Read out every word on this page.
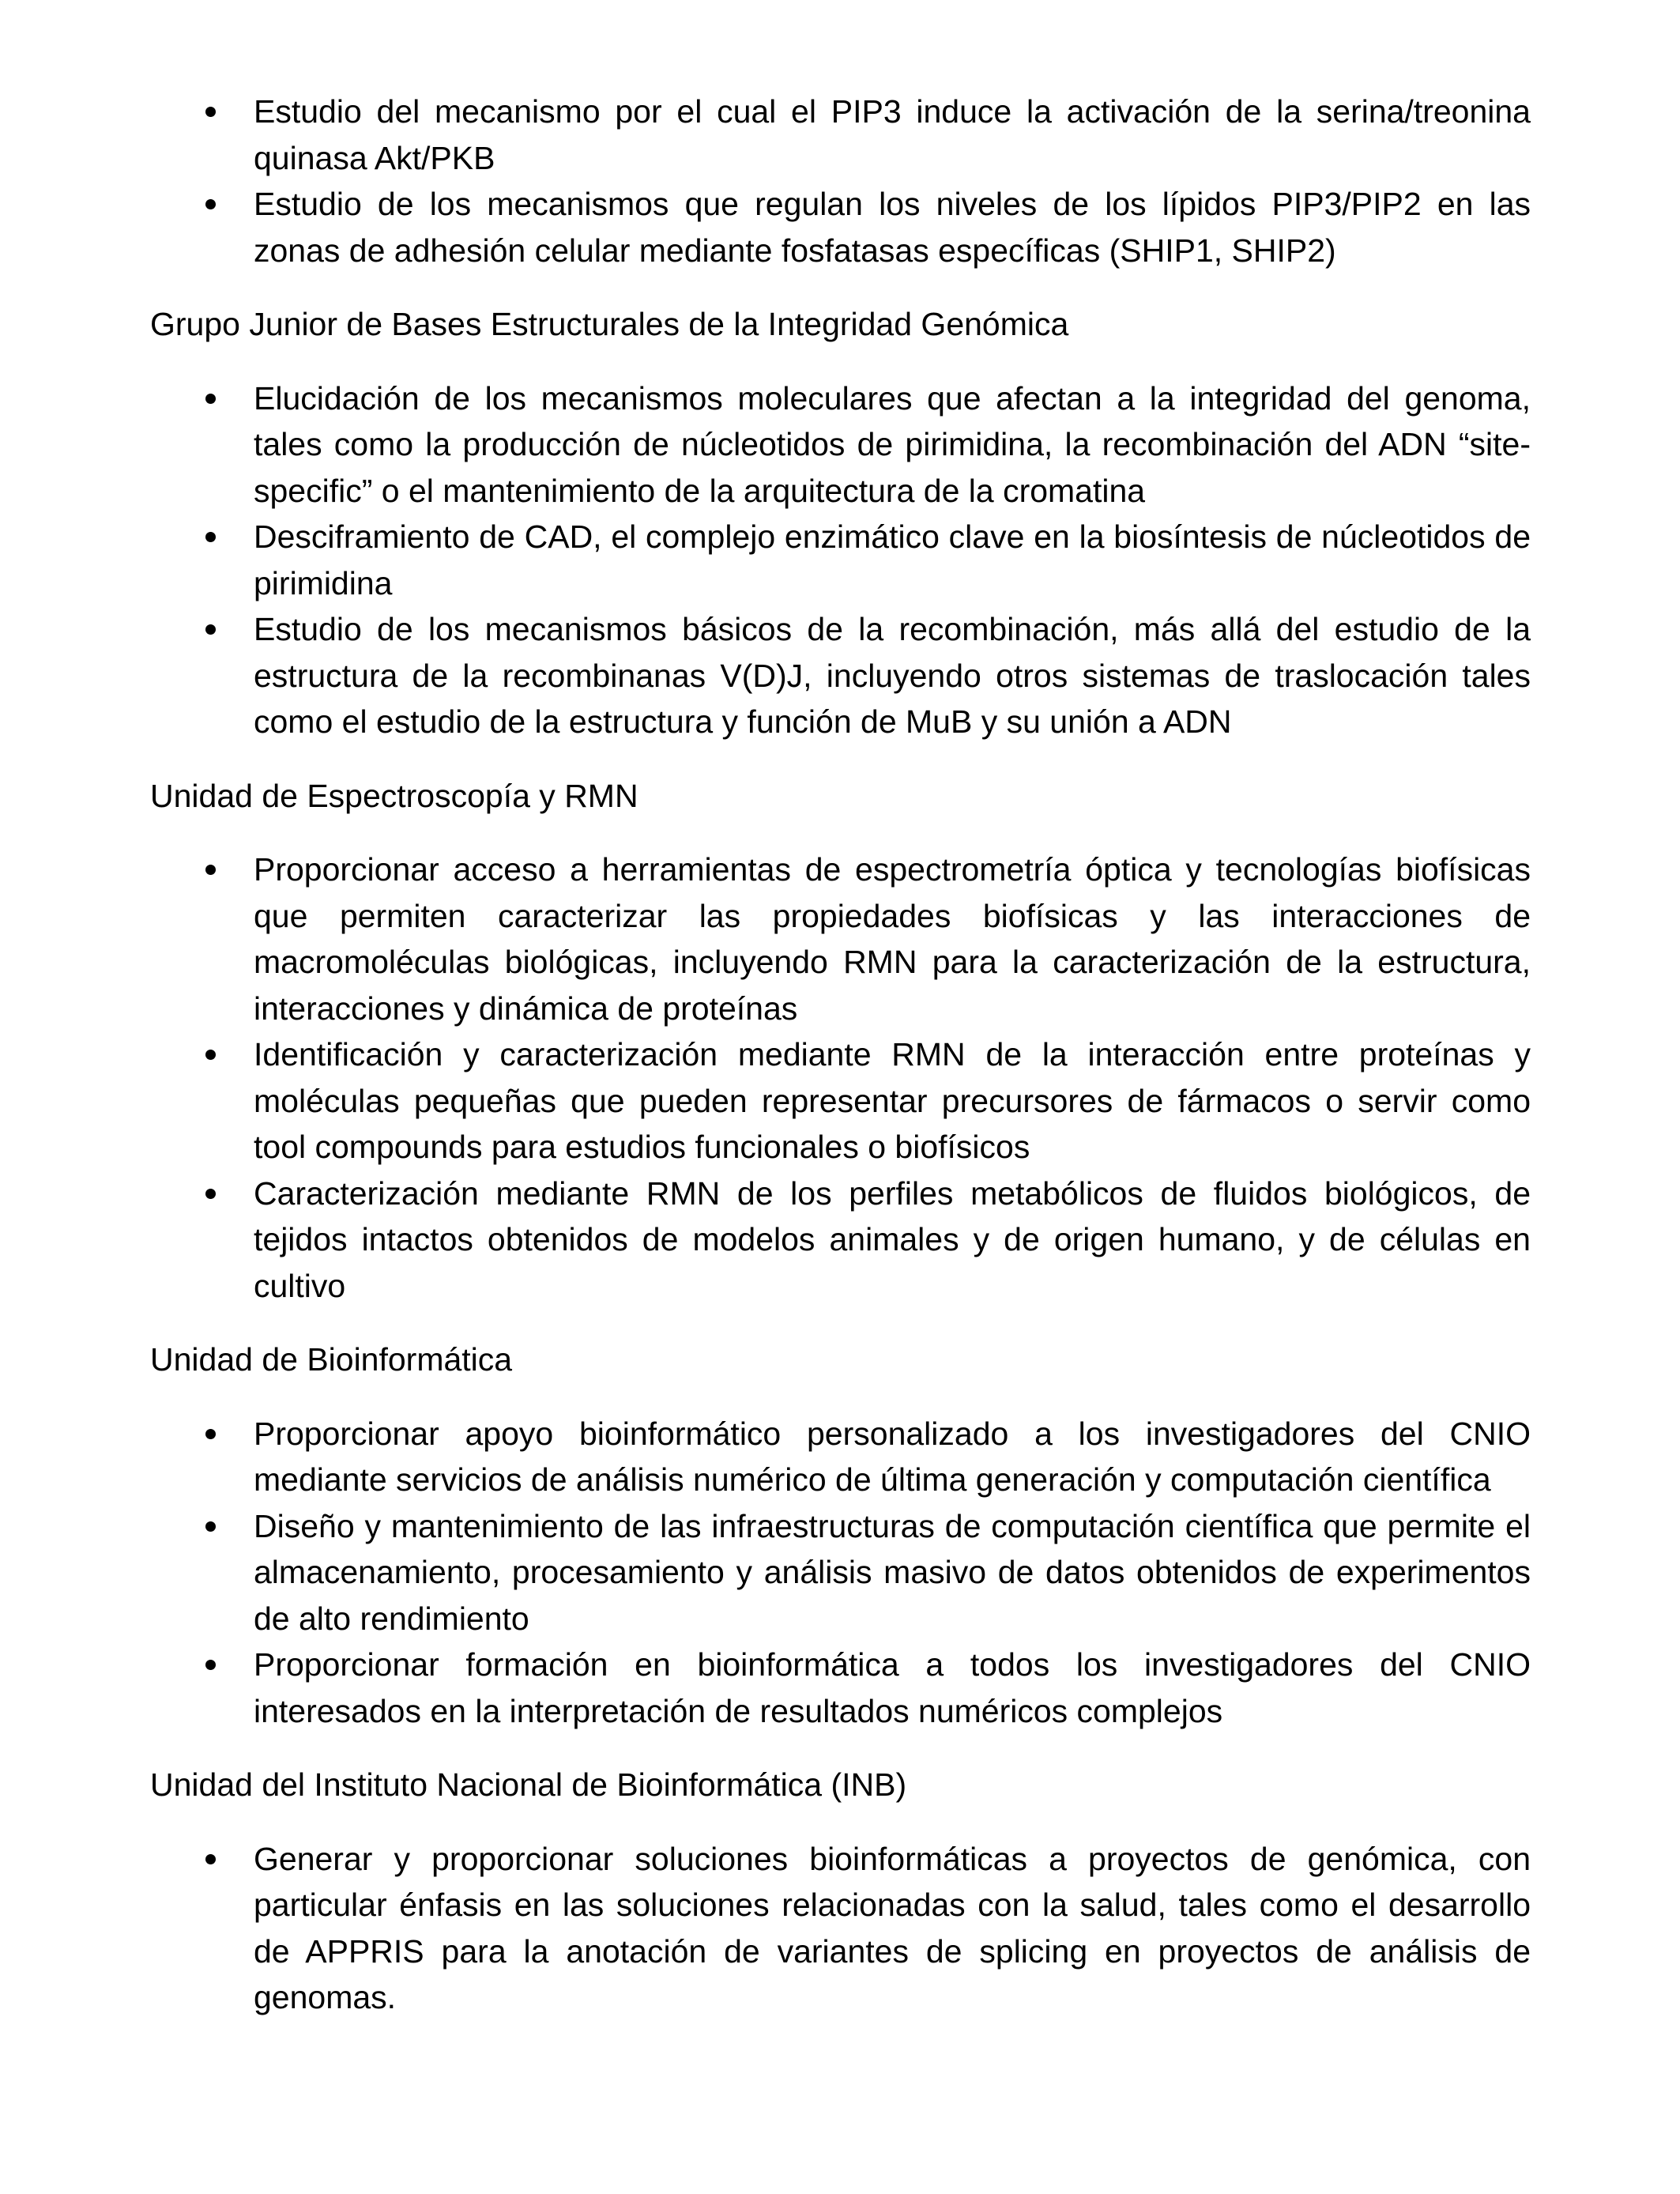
Estudio del mecanismo por el cual el PIP3 induce la activación de la serina/treonina quinasa Akt/PKB
Estudio de los mecanismos que regulan los niveles de los lípidos PIP3/PIP2 en las zonas de adhesión celular mediante fosfatasas específicas (SHIP1, SHIP2)

Grupo Junior de Bases Estructurales de la Integridad Genómica

Elucidación de los mecanismos moleculares que afectan a la integridad del genoma, tales como la producción de núcleotidos de pirimidina, la recombinación del ADN “site-specific” o el mantenimiento de la arquitectura de la cromatina
Desciframiento de CAD, el complejo enzimático clave en la biosíntesis de núcleotidos de pirimidina
Estudio de los mecanismos básicos de la recombinación, más allá del estudio de la estructura de la recombinanas V(D)J, incluyendo otros sistemas de traslocación tales como el estudio de la estructura y función de MuB y su unión a ADN

Unidad de Espectroscopía y RMN

Proporcionar acceso a herramientas de espectrometría óptica y tecnologías biofísicas que permiten caracterizar las propiedades biofísicas y las interacciones de macromoléculas biológicas, incluyendo RMN para la caracterización de la estructura, interacciones y dinámica de proteínas
Identificación y caracterización mediante RMN de la interacción entre proteínas y moléculas pequeñas que pueden representar precursores de fármacos o servir como tool compounds para estudios funcionales o biofísicos
Caracterización mediante RMN de los perfiles metabólicos de fluidos biológicos, de tejidos intactos obtenidos de modelos animales y de origen humano, y de células en cultivo

Unidad de Bioinformática

Proporcionar apoyo bioinformático personalizado a los investigadores del CNIO mediante servicios de análisis numérico de última generación y computación científica
Diseño y mantenimiento de las infraestructuras de computación científica que permite el almacenamiento, procesamiento y análisis masivo de datos obtenidos de experimentos de alto rendimiento
Proporcionar formación en bioinformática a todos los investigadores del CNIO interesados en la interpretación de resultados numéricos complejos

Unidad del Instituto Nacional de Bioinformática (INB)

Generar y proporcionar soluciones bioinformáticas a proyectos de genómica, con particular énfasis en las soluciones relacionadas con la salud, tales como el desarrollo de APPRIS para la anotación de variantes de splicing en proyectos de análisis de genomas.
